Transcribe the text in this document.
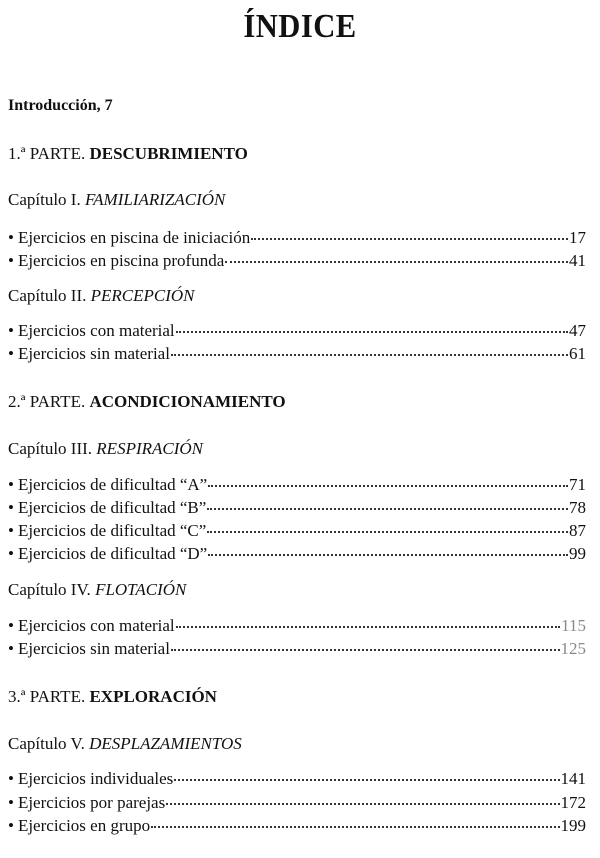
ÍNDICE
Introducción, 7
1.ª PARTE. DESCUBRIMIENTO
Capítulo I. FAMILIARIZACIÓN
• Ejercicios en piscina de iniciación	17
• Ejercicios en piscina profunda	41
Capítulo II. PERCEPCIÓN
• Ejercicios con material	47
• Ejercicios sin material	61
2.ª PARTE. ACONDICIONAMIENTO
Capítulo III. RESPIRACIÓN
• Ejercicios de dificultad “A”	71
• Ejercicios de dificultad “B”	78
• Ejercicios de dificultad “C”	87
• Ejercicios de dificultad “D”	99
Capítulo IV. FLOTACIÓN
• Ejercicios con material	115
• Ejercicios sin material	125
3.ª PARTE. EXPLORACIÓN
Capítulo V. DESPLAZAMIENTOS
• Ejercicios individuales	141
• Ejercicios por parejas	172
• Ejercicios en grupo	199
